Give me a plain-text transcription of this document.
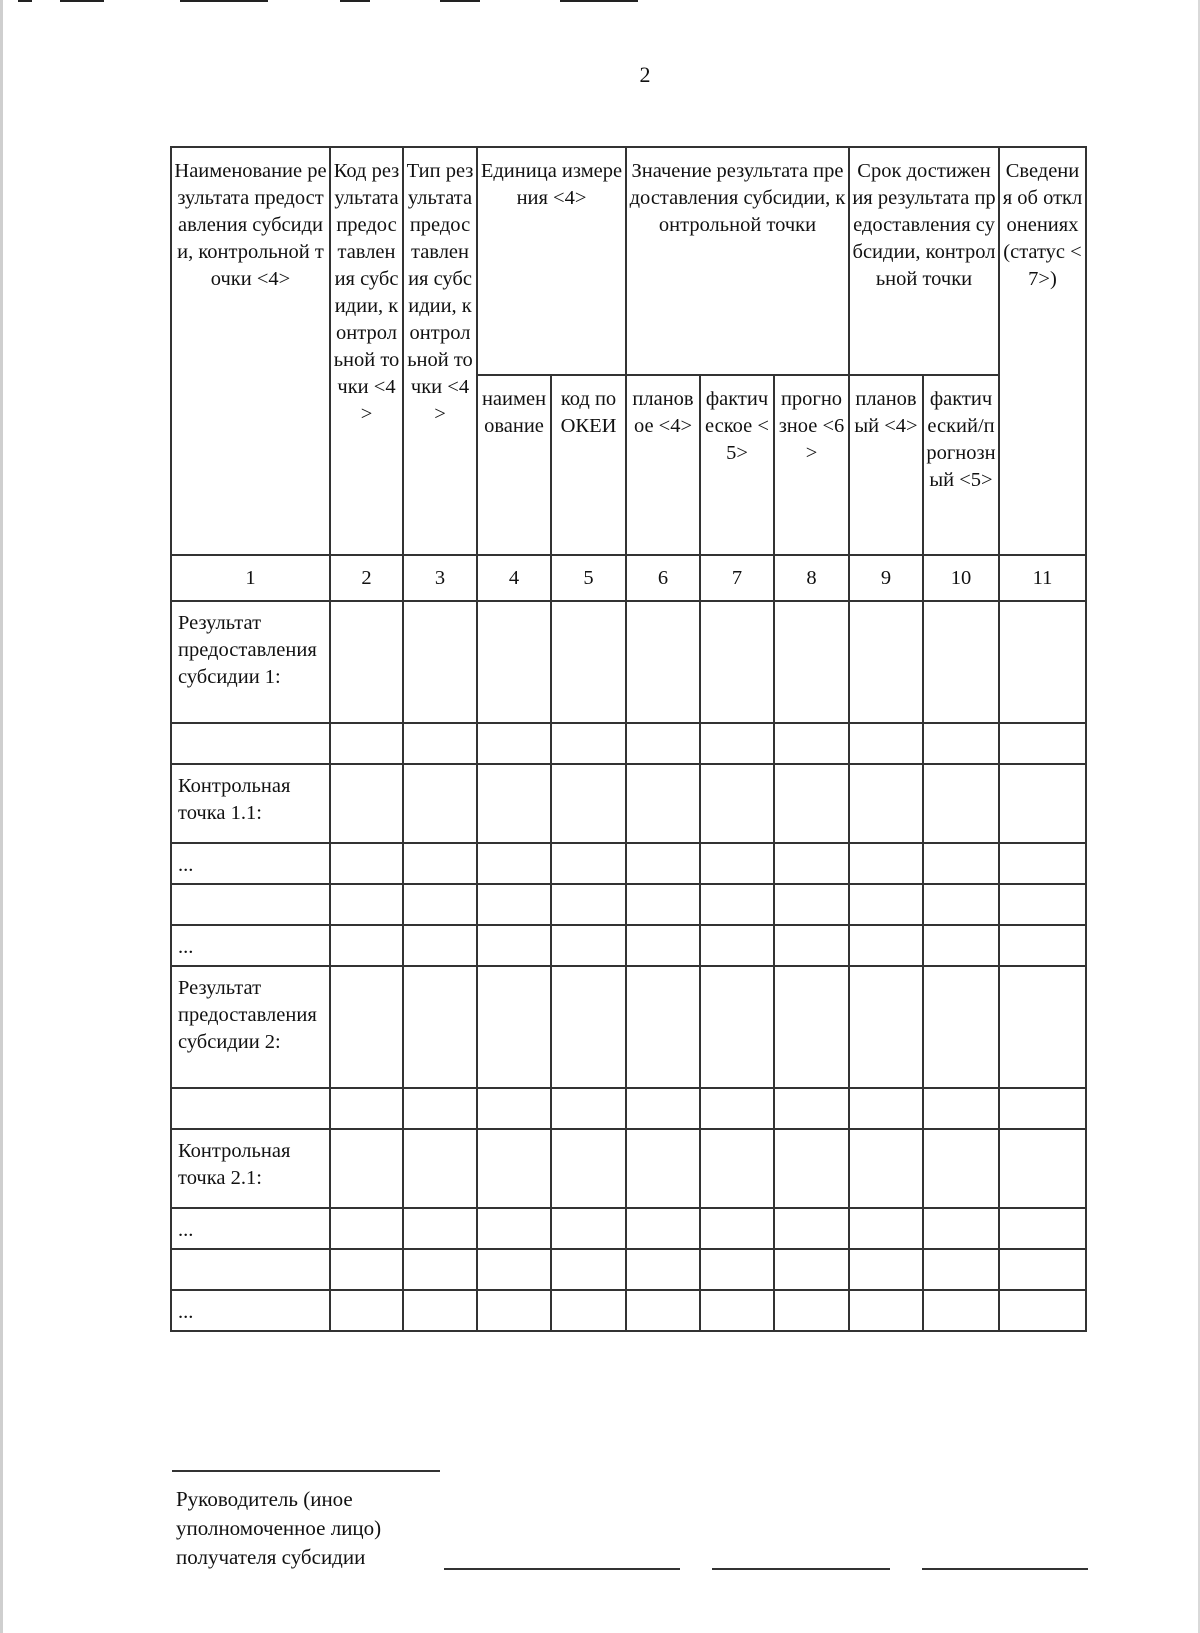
2
Наименование результата предоставления субсидии, контрольной точки <4>	Код результата предоставления субсидии, контрольной точки <4>	Тип результата предоставления субсидии, контрольной точки <4>	Единица измерения <4>		Значение результата предоставления субсидии, контрольной точки			Срок достижения результата предоставления субсидии, контрольной точки		Сведения об отклонениях (статус <7>)
			наименование	код по ОКЕИ	плановое <4>	фактическое <5>	прогнозное <6>	плановый <4>	фактический/прогнозный <5>	
1	2	3	4	5	6	7	8	9	10	11
Результат предоставления субсидии 1:										

Контрольная точка 1.1:										
...										

...										
Результат предоставления субсидии 2:										

Контрольная точка 2.1:										
...										

...										
Руководитель (иное уполномоченное лицо) получателя субсидии
